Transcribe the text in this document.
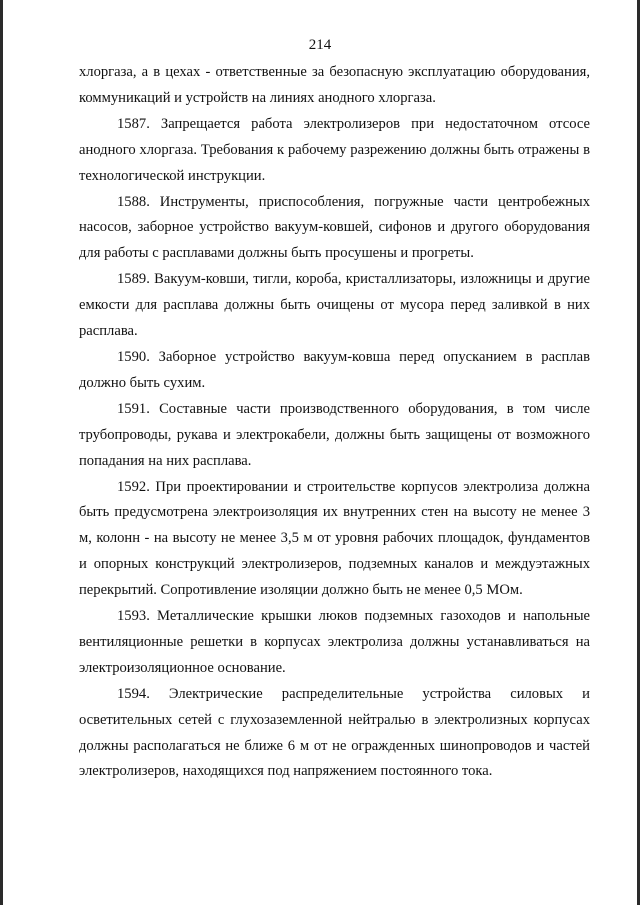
214

хлоргаза, а в цехах - ответственные за безопасную эксплуатацию оборудования, коммуникаций и устройств на линиях анодного хлоргаза.

1587. Запрещается работа электролизеров при недостаточном отсосе анодного хлоргаза. Требования к рабочему разрежению должны быть отражены в технологической инструкции.

1588. Инструменты, приспособления, погружные части центробежных насосов, заборное устройство вакуум-ковшей, сифонов и другого оборудования для работы с расплавами должны быть просушены и прогреты.

1589. Вакуум-ковши, тигли, короба, кристаллизаторы, изложницы и другие емкости для расплава должны быть очищены от мусора перед заливкой в них расплава.

1590. Заборное устройство вакуум-ковша перед опусканием в расплав должно быть сухим.

1591. Составные части производственного оборудования, в том числе трубопроводы, рукава и электрокабели, должны быть защищены от возможного попадания на них расплава.

1592. При проектировании и строительстве корпусов электролиза должна быть предусмотрена электроизоляция их внутренних стен на высоту не менее 3 м, колонн - на высоту не менее 3,5 м от уровня рабочих площадок, фундаментов и опорных конструкций электролизеров, подземных каналов и междуэтажных перекрытий. Сопротивление изоляции должно быть не менее 0,5 МОм.

1593. Металлические крышки люков подземных газоходов и напольные вентиляционные решетки в корпусах электролиза должны устанавливаться на электроизоляционное основание.

1594. Электрические распределительные устройства силовых и осветительных сетей с глухозаземленной нейтралью в электролизных корпусах должны располагаться не ближе 6 м от не огражденных шинопроводов и частей электролизеров, находящихся под напряжением постоянного тока.
